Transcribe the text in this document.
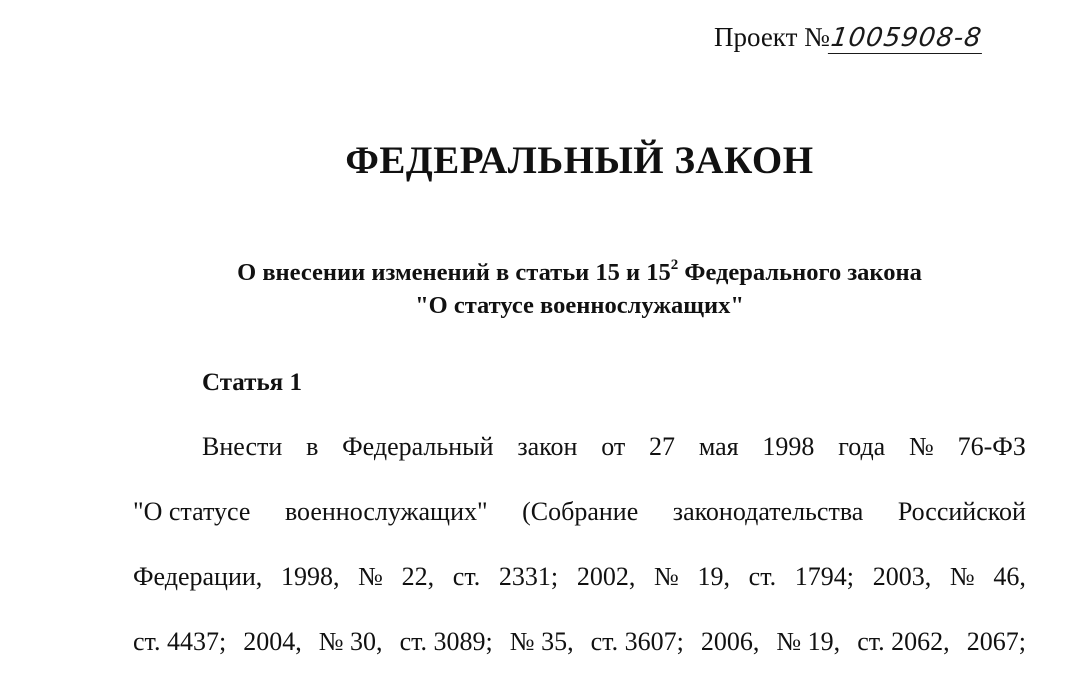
Проект №1005908-8
ФЕДЕРАЛЬНЫЙ ЗАКОН
О внесении изменений в статьи 15 и $15^2$ Федерального закона
"О статусе военнослужащих"
Статья 1
Внести в Федеральный закон от 27 мая 1998 года № 76-ФЗ
"О статусе военнослужащих" (Собрание законодательства Российской
Федерации, 1998, № 22, ст. 2331; 2002, № 19, ст. 1794; 2003, № 46,
ст. 4437; 2004, № 30, ст. 3089; № 35, ст. 3607; 2006, № 19, ст. 2062, 2067;
